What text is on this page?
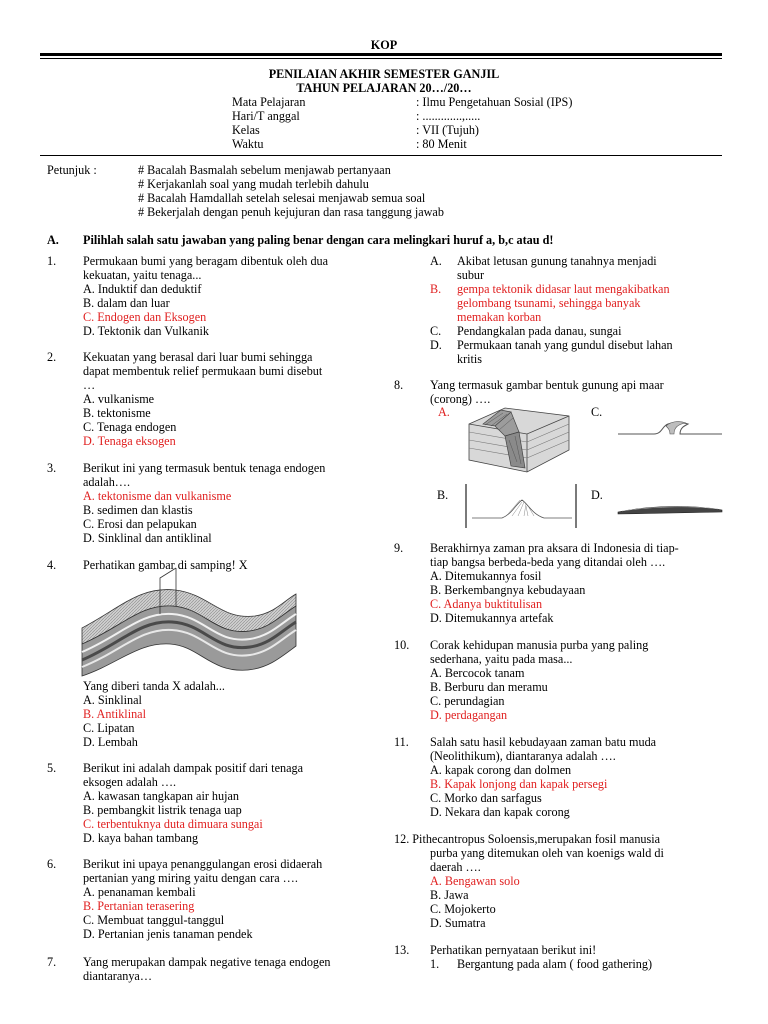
KOP
PENILAIAN AKHIR SEMESTER GANJIL
TAHUN PELAJARAN 20…/20…
Mata Pelajaran	: Ilmu Pengetahuan Sosial (IPS)
Hari/T anggal	: .............,.....
Kelas	: VII (Tujuh)
Waktu	: 80 Menit
Petunjuk :	# Bacalah Basmalah sebelum menjawab pertanyaan
# Kerjakanlah soal yang mudah terlebih dahulu
# Bacalah Hamdallah setelah selesai menjawab semua soal
# Bekerjalah dengan penuh kejujuran dan rasa tanggung jawab
A. Pilihlah salah satu jawaban yang paling benar dengan cara melingkari huruf a, b,c atau d!
1. Permukaan bumi yang beragam dibentuk oleh dua
kekuatan, yaitu tenaga...
A. Induktif dan deduktif
B. dalam dan luar
C. Endogen dan Eksogen
D. Tektonik dan Vulkanik
2. Kekuatan yang berasal dari luar bumi sehingga
dapat membentuk relief permukaan bumi disebut
…
A. vulkanisme
B. tektonisme
C. Tenaga endogen
D. Tenaga eksogen
3. Berikut ini yang termasuk bentuk tenaga endogen
adalah….
A. tektonisme dan vulkanisme
B. sedimen dan klastis
C. Erosi dan pelapukan
D. Sinklinal dan antiklinal
4. Perhatikan gambar di samping! X
Yang diberi tanda X adalah...
A. Sinklinal
B. Antiklinal
C. Lipatan
D. Lembah
5. Berikut ini adalah dampak positif dari tenaga
eksogen adalah ….
A. kawasan tangkapan air hujan
B. pembangkit listrik tenaga uap
C. terbentuknya duta dimuara sungai
D. kaya bahan tambang
6. Berikut ini upaya penanggulangan erosi didaerah
pertanian yang miring yaitu dengan cara ….
A. penanaman kembali
B. Pertanian terasering
C. Membuat tanggul-tanggul
D. Pertanian jenis tanaman pendek
7. Yang merupakan dampak negative tenaga endogen
diantaranya…
A. Akibat letusan gunung tanahnya menjadi
subur
B. gempa tektonik didasar laut mengakibatkan
gelombang tsunami, sehingga banyak
memakan korban
C. Pendangkalan pada danau, sungai
D. Permukaan tanah yang gundul disebut lahan
kritis
8. Yang termasuk gambar bentuk gunung api maar
(corong) ….
A.	C.
B.	D.
9. Berakhirnya zaman pra aksara di Indonesia di tiap-
tiap bangsa berbeda-beda yang ditandai oleh ….
A. Ditemukannya fosil
B. Berkembangnya kebudayaan
C. Adanya buktitulisan
D. Ditemukannya artefak
10. Corak kehidupan manusia purba yang paling
sederhana, yaitu pada masa...
A. Bercocok tanam
B. Berburu dan meramu
C. perundagian
D. perdagangan
11. Salah satu hasil kebudayaan zaman batu muda
(Neolithikum), diantaranya adalah ….
A. kapak corong dan dolmen
B. Kapak lonjong dan kapak persegi
C. Morko dan sarfagus
D. Nekara dan kapak corong
12. Pithecantropus Soloensis,merupakan fosil manusia
purba yang ditemukan oleh van koenigs wald di
daerah ….
A. Bengawan solo
B. Jawa
C. Mojokerto
D. Sumatra
13. Perhatikan pernyataan berikut ini!
1. Bergantung pada alam ( food gathering)
